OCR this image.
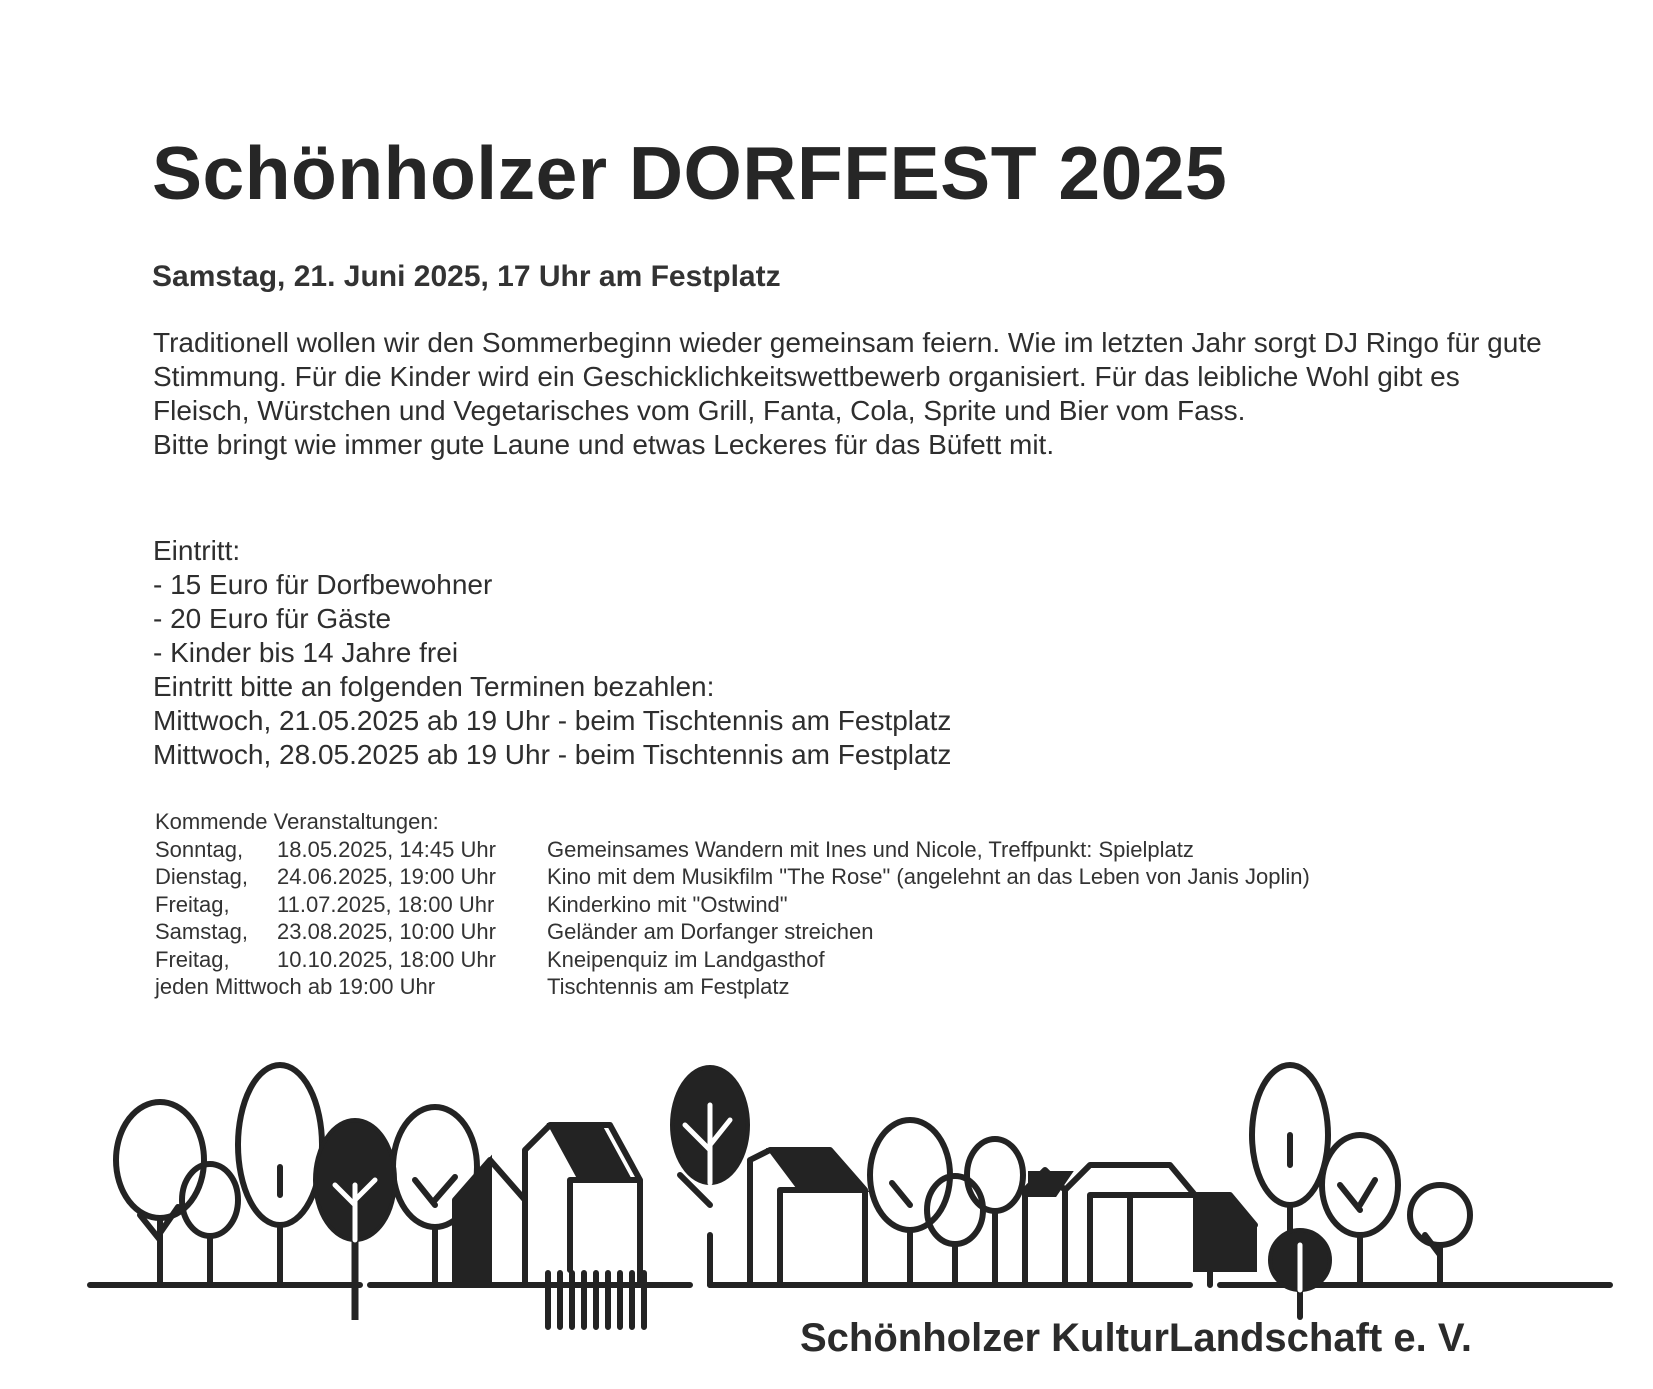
Schönholzer DORFFEST 2025
Samstag, 21. Juni 2025, 17 Uhr am Festplatz

Traditionell wollen wir den Sommerbeginn wieder gemeinsam feiern. Wie im letzten Jahr sorgt DJ Ringo für gute Stimmung. Für die Kinder wird ein Geschicklichkeitswettbewerb organisiert. Für das leibliche Wohl gibt es Fleisch, Würstchen und Vegetarisches vom Grill, Fanta, Cola, Sprite und Bier vom Fass.

Bitte bringt wie immer gute Laune und etwas Leckeres für das Büfett mit.

Eintritt:
- 15 Euro für Dorfbewohner
- 20 Euro für Gäste
- Kinder bis 14 Jahre frei
Eintritt bitte an folgenden Terminen bezahlen:
Mittwoch, 21.05.2025 ab 19 Uhr - beim Tischtennis am Festplatz
Mittwoch, 28.05.2025 ab 19 Uhr - beim Tischtennis am Festplatz
Kommende Veranstaltungen:
Sonntag,	18.05.2025, 14:45 Uhr	Gemeinsames Wandern mit Ines und Nicole, Treffpunkt: Spielplatz
Dienstag,	24.06.2025, 19:00 Uhr	Kino mit dem Musikfilm "The Rose" (angelehnt an das Leben von Janis Joplin)
Freitag,	11.07.2025, 18:00 Uhr	Kinderkino mit "Ostwind"
Samstag,	23.08.2025, 10:00 Uhr	Geländer am Dorfanger streichen
Freitag,	10.10.2025, 18:00 Uhr	Kneipenquiz im Landgasthof
jeden Mittwoch ab 19:00 Uhr	Tischtennis am Festplatz
Schönholzer KulturLandschaft e. V.
